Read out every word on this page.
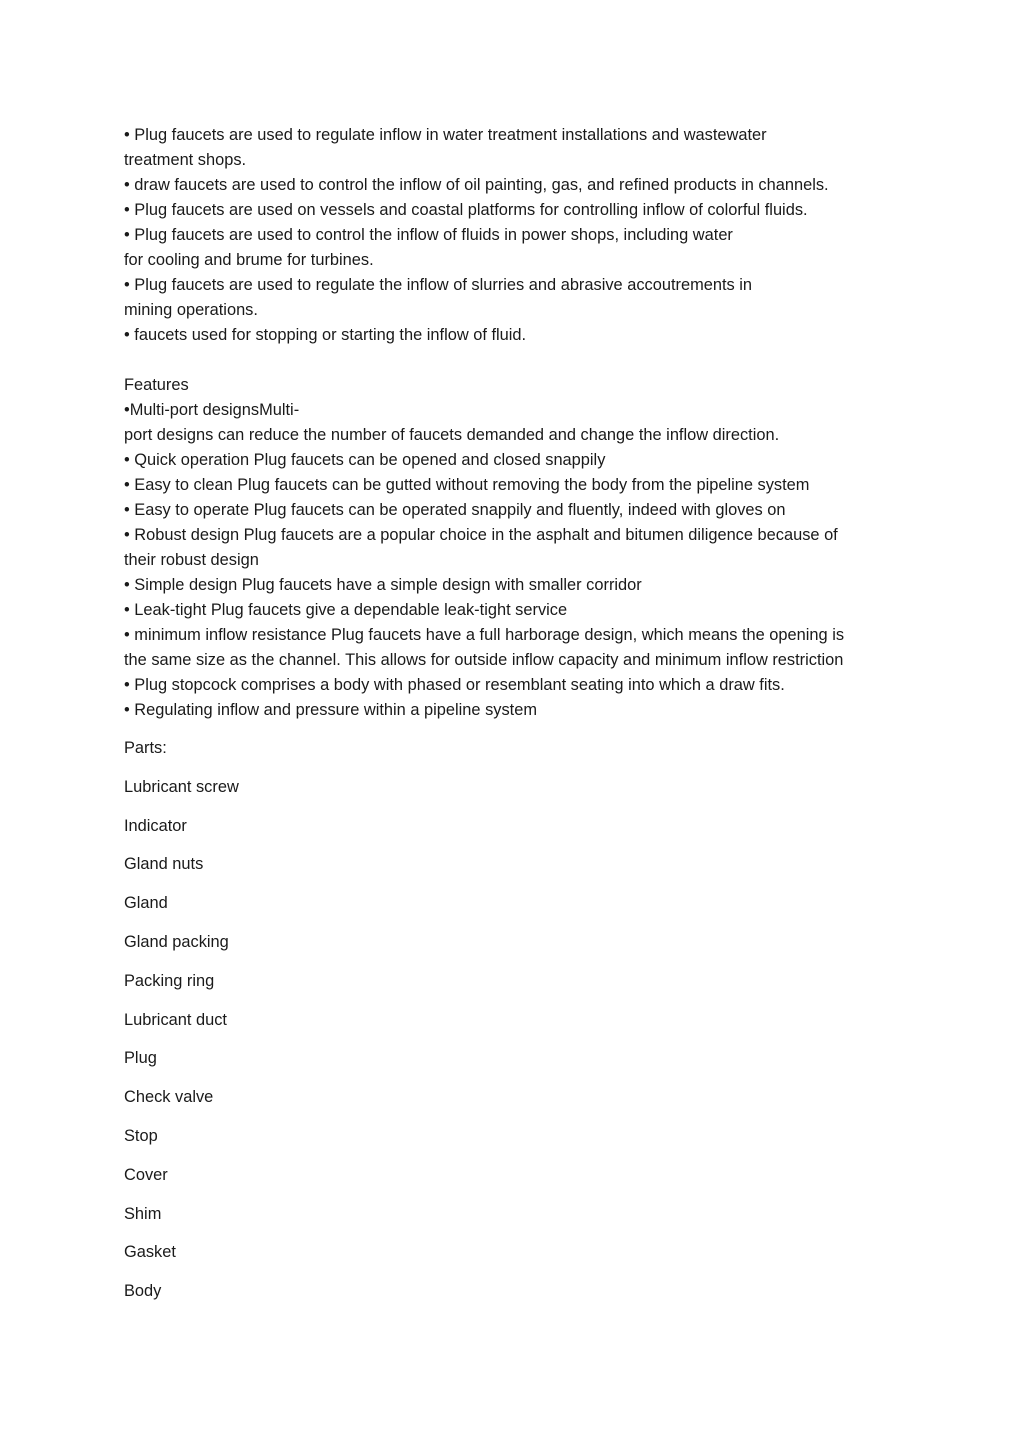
• Plug faucets are used to regulate inflow in water treatment installations and wastewater
treatment shops.
• draw faucets are used to control the inflow of oil painting, gas, and refined products in channels.
• Plug faucets are used on vessels and coastal platforms for controlling inflow of colorful fluids.
• Plug faucets are used to control the inflow of fluids in power shops, including water
for cooling and brume for turbines.
• Plug faucets are used to regulate the inflow of slurries and abrasive accoutrements in
mining operations.
• faucets used for stopping or starting the inflow of fluid.
Features
•Multi-port designsMulti-
port designs can reduce the number of faucets demanded and change the inflow direction.
• Quick operation Plug faucets can be opened and closed snappily
• Easy to clean Plug faucets can be gutted without removing the body from the pipeline system
• Easy to operate Plug faucets can be operated snappily and fluently, indeed with gloves on
• Robust design Plug faucets are a popular choice in the asphalt and bitumen diligence because of
their robust design
• Simple design Plug faucets have a simple design with smaller corridor
• Leak-tight Plug faucets give a dependable leak-tight service
• minimum inflow resistance Plug faucets have a full harborage design, which means the opening is
the same size as the channel. This allows for outside inflow capacity and minimum inflow restriction
• Plug stopcock comprises a body with phased or resemblant seating into which a draw fits.
• Regulating inflow and pressure within a pipeline system
Parts:
Lubricant screw
Indicator
Gland nuts
Gland
Gland packing
Packing ring
Lubricant duct
Plug
Check valve
Stop
Cover
Shim
Gasket
Body
